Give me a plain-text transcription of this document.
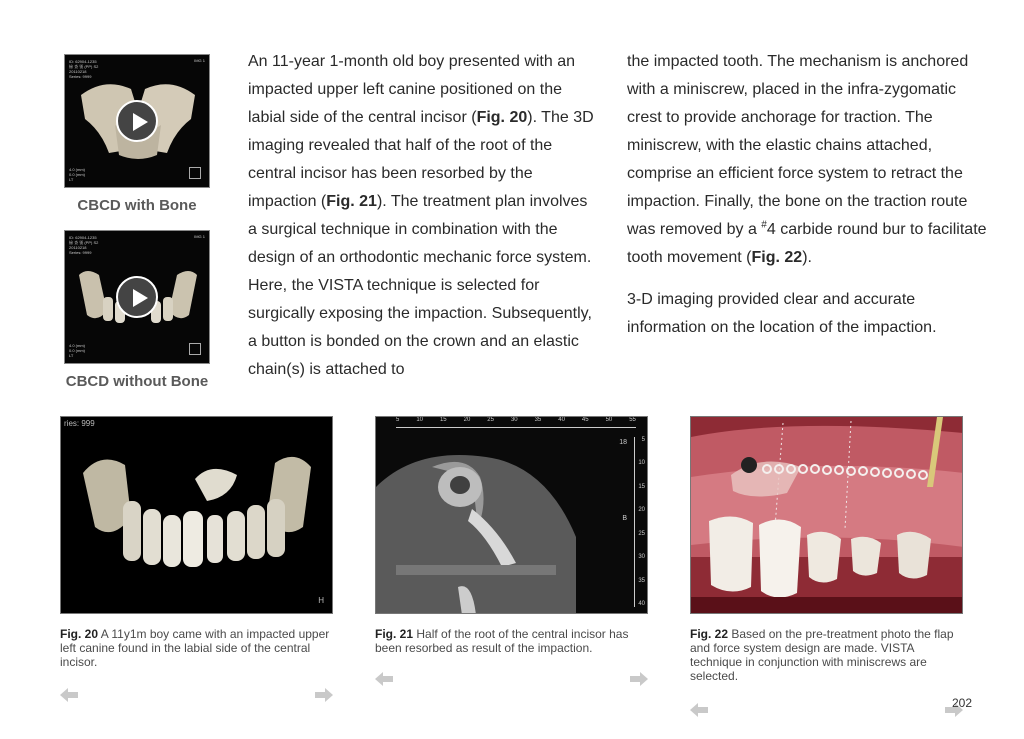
ID: 62904-1235
檢 查 號 (PP) S2
20110218
Series: 9999
IMG 1
4.0 (mm)
0.0 (mm)
LT
CBCD with Bone
ID: 62904-1235
檢 查 號 (PP) S2
20110218
Series: 9999
IMG 1
4.0 (mm)
0.0 (mm)
LT
CBCD without Bone

An 11-year 1-month old boy presented with an impacted upper left canine positioned on the labial side of the central incisor (Fig. 20). The 3D imaging revealed that half of the root of the central incisor has been resorbed by the impaction (Fig. 21). The treatment plan involves a surgical technique in combination with the design of an orthodontic mechanic force system. Here, the VISTA technique is selected for surgically exposing the impaction. Subsequently, a button is bonded on the crown and an elastic chain(s) is attached to

the impacted tooth. The mechanism is anchored with a miniscrew, placed in the infra-zygomatic crest to provide anchorage for traction. The miniscrew, with the elastic chains attached, comprise an efficient force system to retract the impaction. Finally, the bone on the traction route was removed by a #4 carbide round bur to facilitate tooth movement (Fig. 22).

3-D imaging provided clear and accurate information on the location of the impaction.

ries: 999
H
Fig. 20 A 11y1m boy came with an impacted upper left canine found in the labial side of the central incisor.
5	10	15	20	25	30	35	40	45	50	55
5
10
15
20
25
30
35
40
18
B
Fig. 21 Half of the root of the central incisor has been resorbed as result of the impaction.
Fig. 22 Based on the pre-treatment photo the flap and force system design are made. VISTA technique in conjunction with miniscrews are selected.
202
